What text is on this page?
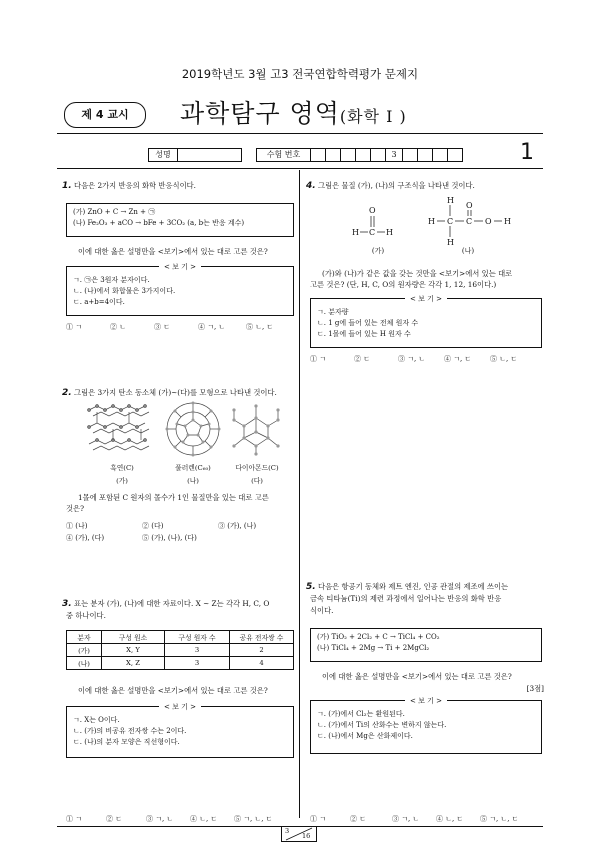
2019학년도 3월 고3 전국연합학력평가 문제지
제 4 교시	과학탐구 영역(화학 I )
성명	수험 번호	3	1
1. 다음은 2가지 반응의 화학 반응식이다.
(가) ZnO + C → Zn + ㉠
(나) Fe₂O₃ + aCO → bFe + 3CO₂ (a, b는 반응 계수)
이에 대한 옳은 설명만을 <보기>에서 있는 대로 고른 것은?
< 보 기 >
ㄱ. ㉠은 3원자 분자이다.
ㄴ. (나)에서 화합물은 3가지이다.
ㄷ. a+b=4이다.
① ㄱ	② ㄴ	③ ㄷ	④ ㄱ, ㄴ	⑤ ㄴ, ㄷ
2. 그림은 3가지 탄소 동소체 (가)~(다)를 모형으로 나타낸 것이다.
흑연(C)	풀러렌(C₆₀)	다이아몬드(C)
(가)	(나)	(다)
1몰에 포함된 C 원자의 몰수가 1인 물질만을 있는 대로 고른
것은?
① (나)	② (다)	③ (가), (나)
④ (가), (다)	⑤ (가), (나), (다)
3. 표는 분자 (가), (나)에 대한 자료이다. X ~ Z는 각각 H, C, O
중 하나이다.
분자	구성 원소	구성 원자 수	공유 전자쌍 수
(가)	X, Y	3	2
(나)	X, Z	3	4
이에 대한 옳은 설명만을 <보기>에서 있는 대로 고른 것은?
< 보 기 >
ㄱ. X는 O이다.
ㄴ. (가)의 비공유 전자쌍 수는 2이다.
ㄷ. (나)의 분자 모양은 직선형이다.
① ㄱ	② ㄷ	③ ㄱ, ㄴ ④ ㄴ, ㄷ ⑤ ㄱ, ㄴ, ㄷ
4. 그림은 물질 (가), (나)의 구조식을 나타낸 것이다.
O
H C H
H
H C C O H
O
H
(가)	(나)
(가)와 (나)가 같은 값을 갖는 것만을 <보기>에서 있는 대로
고른 것은? (단, H, C, O의 원자량은 각각 1, 12, 16이다.)
< 보 기 >
ㄱ. 분자량
ㄴ. 1 g에 들어 있는 전체 원자 수
ㄷ. 1몰에 들어 있는 H 원자 수
① ㄱ	② ㄷ	③ ㄱ, ㄴ	④ ㄱ, ㄷ	⑤ ㄴ, ㄷ
5. 다음은 항공기 동체와 제트 엔진, 인공 관절의 제조에 쓰이는
금속 티타늄(Ti)의 제련 과정에서 일어나는 반응의 화학 반응
식이다.
(가) TiO₂ + 2Cl₂ + C → TiCl₄ + CO₂
(나) TiCl₄ + 2Mg → Ti + 2MgCl₂
이에 대한 옳은 설명만을 <보기>에서 있는 대로 고른 것은?
[3점]
< 보 기 >
ㄱ. (가)에서 Cl₂는 환원된다.
ㄴ. (가)에서 Ti의 산화수는 변하지 않는다.
ㄷ. (나)에서 Mg은 산화제이다.
① ㄱ	② ㄷ	③ ㄱ, ㄴ ④ ㄴ, ㄷ ⑤ ㄱ, ㄴ, ㄷ
3
16
